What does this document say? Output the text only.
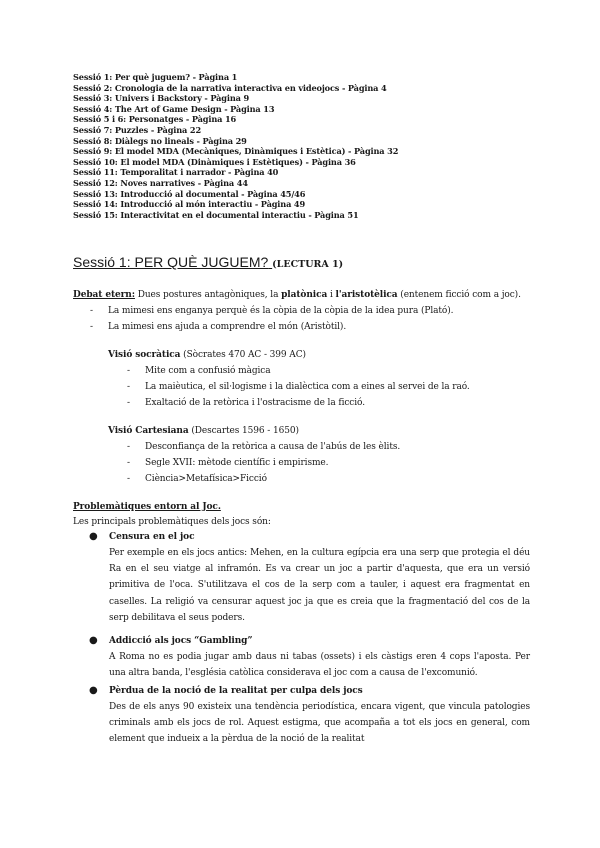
Sessió 1: Per què juguem? - Pàgina 1
Sessió 2: Cronologia de la narrativa interactiva en videojocs - Pàgina 4
Sessió 3: Univers i Backstory - Pàgina 9
Sessió 4: The Art of Game Design - Pàgina 13
Sessió 5 i 6: Personatges - Pàgina 16
Sessió 7: Puzzles - Pàgina 22
Sessió 8: Diàlegs no lineals - Pàgina 29
Sessió 9: El model MDA (Mecàniques, Dinàmiques i Estètica) - Pàgina 32
Sessió 10: El model MDA (Dinàmiques i Estètiques) - Pàgina 36
Sessió 11: Temporalitat i narrador - Pàgina 40
Sessió 12: Noves narratives - Pàgina 44
Sessió 13: Introducció al documental - Pàgina 45/46
Sessió 14: Introducció al món interactiu - Pàgina 49
Sessió 15: Interactivitat en el documental interactiu - Pàgina 51
Sessió 1: PER QUÈ JUGUEM? (LECTURA 1)
Debat etern: Dues postures antagòniques, la platònica i l'aristotèlica (entenem ficció com a joc).
- La mimesi ens enganya perquè és la còpia de la còpia de la idea pura (Plató).
- La mimesi ens ajuda a comprendre el món (Aristòtil).
Visió socràtica (Sòcrates 470 AC - 399 AC)
- Mite com a confusió màgica
- La maièutica, el sil·logisme i la dialèctica com a eines al servei de la raó.
- Exaltació de la retòrica i l'ostracisme de la ficció.
Visió Cartesiana (Descartes 1596 - 1650)
- Desconfiança de la retòrica a causa de l'abús de les èlits.
- Segle XVII: mètode científic i empirisme.
- Ciència>Metafísica>Ficció
Problemàtiques entorn al Joc.
Les principals problemàtiques dels jocs són:
● Censura en el joc
Per exemple en els jocs antics: Mehen, en la cultura egípcia era una serp que protegia el déu Ra en el seu viatge al inframón. Es va crear un joc a partir d'aquesta, que era un versió primitiva de l'oca. S'utilitzava el cos de la serp com a tauler, i aquest era fragmentat en caselles. La religió va censurar aquest joc ja que es creia que la fragmentació del cos de la serp debilitava el seus poders.
● Addicció als jocs “Gambling”
A Roma no es podia jugar amb daus ni tabas (ossets) i els càstigs eren 4 cops l'aposta. Per una altra banda, l'església catòlica considerava el joc com a causa de l'excomunió.
● Pèrdua de la noció de la realitat per culpa dels jocs
Des de els anys 90 existeix una tendència periodística, encara vigent, que vincula patologies criminals amb els jocs de rol. Aquest estigma, que acompaña a tot els jocs en general, com element que indueix a la pèrdua de la noció de la realitat
